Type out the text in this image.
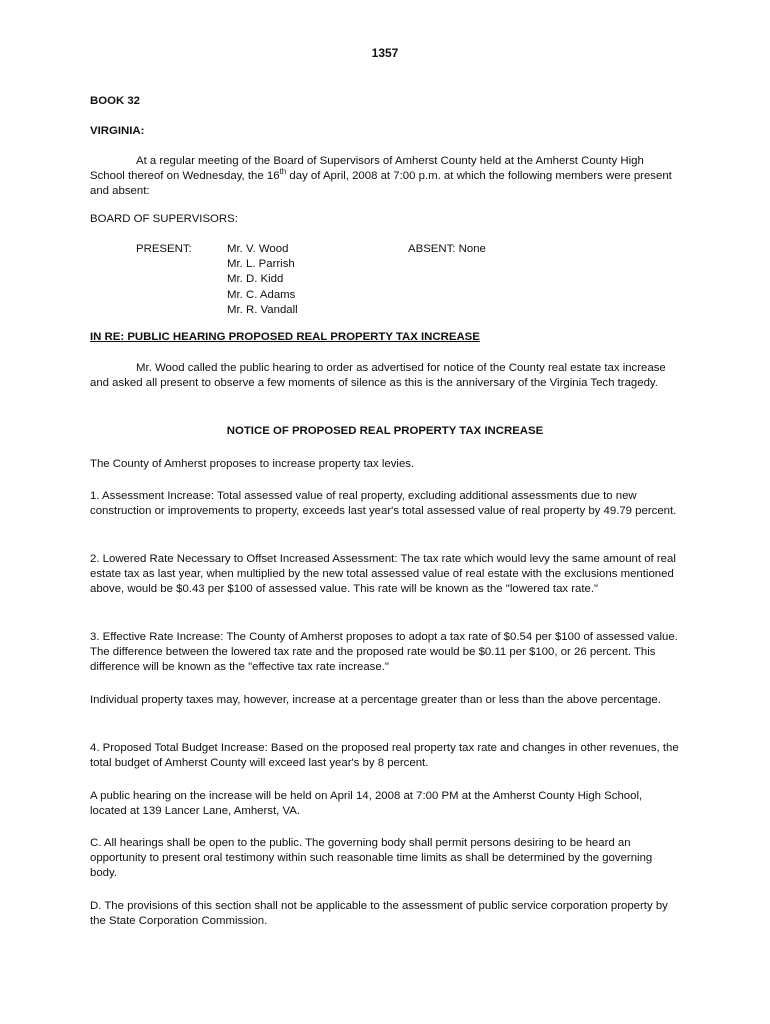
1357
BOOK 32
VIRGINIA:

At a regular meeting of the Board of Supervisors of Amherst County held at the Amherst County High School thereof on Wednesday, the 16th day of April, 2008 at 7:00 p.m. at which the following members were present and absent:

BOARD OF SUPERVISORS:
PRESENT:	Mr. V. Wood
Mr. L. Parrish
Mr. D. Kidd
Mr. C. Adams
Mr. R. Vandall
ABSENT: None
IN RE: PUBLIC HEARING PROPOSED REAL PROPERTY TAX INCREASE

Mr. Wood called the public hearing to order as advertised for notice of the County real estate tax increase and asked all present to observe a few moments of silence as this is the anniversary of the Virginia Tech tragedy.

NOTICE OF PROPOSED REAL PROPERTY TAX INCREASE

The County of Amherst proposes to increase property tax levies.

1. Assessment Increase: Total assessed value of real property, excluding additional assessments due to new construction or improvements to property, exceeds last year's total assessed value of real property by 49.79 percent.

2. Lowered Rate Necessary to Offset Increased Assessment: The tax rate which would levy the same amount of real estate tax as last year, when multiplied by the new total assessed value of real estate with the exclusions mentioned above, would be $0.43 per $100 of assessed value. This rate will be known as the "lowered tax rate."

3. Effective Rate Increase: The County of Amherst proposes to adopt a tax rate of $0.54 per $100 of assessed value. The difference between the lowered tax rate and the proposed rate would be $0.11 per $100, or 26 percent. This difference will be known as the "effective tax rate increase."

Individual property taxes may, however, increase at a percentage greater than or less than the above percentage.

4. Proposed Total Budget Increase: Based on the proposed real property tax rate and changes in other revenues, the total budget of Amherst County will exceed last year's by 8 percent.

A public hearing on the increase will be held on April 14, 2008 at 7:00 PM at the Amherst County High School, located at 139 Lancer Lane, Amherst, VA.

C. All hearings shall be open to the public. The governing body shall permit persons desiring to be heard an opportunity to present oral testimony within such reasonable time limits as shall be determined by the governing body.

D. The provisions of this section shall not be applicable to the assessment of public service corporation property by the State Corporation Commission.
